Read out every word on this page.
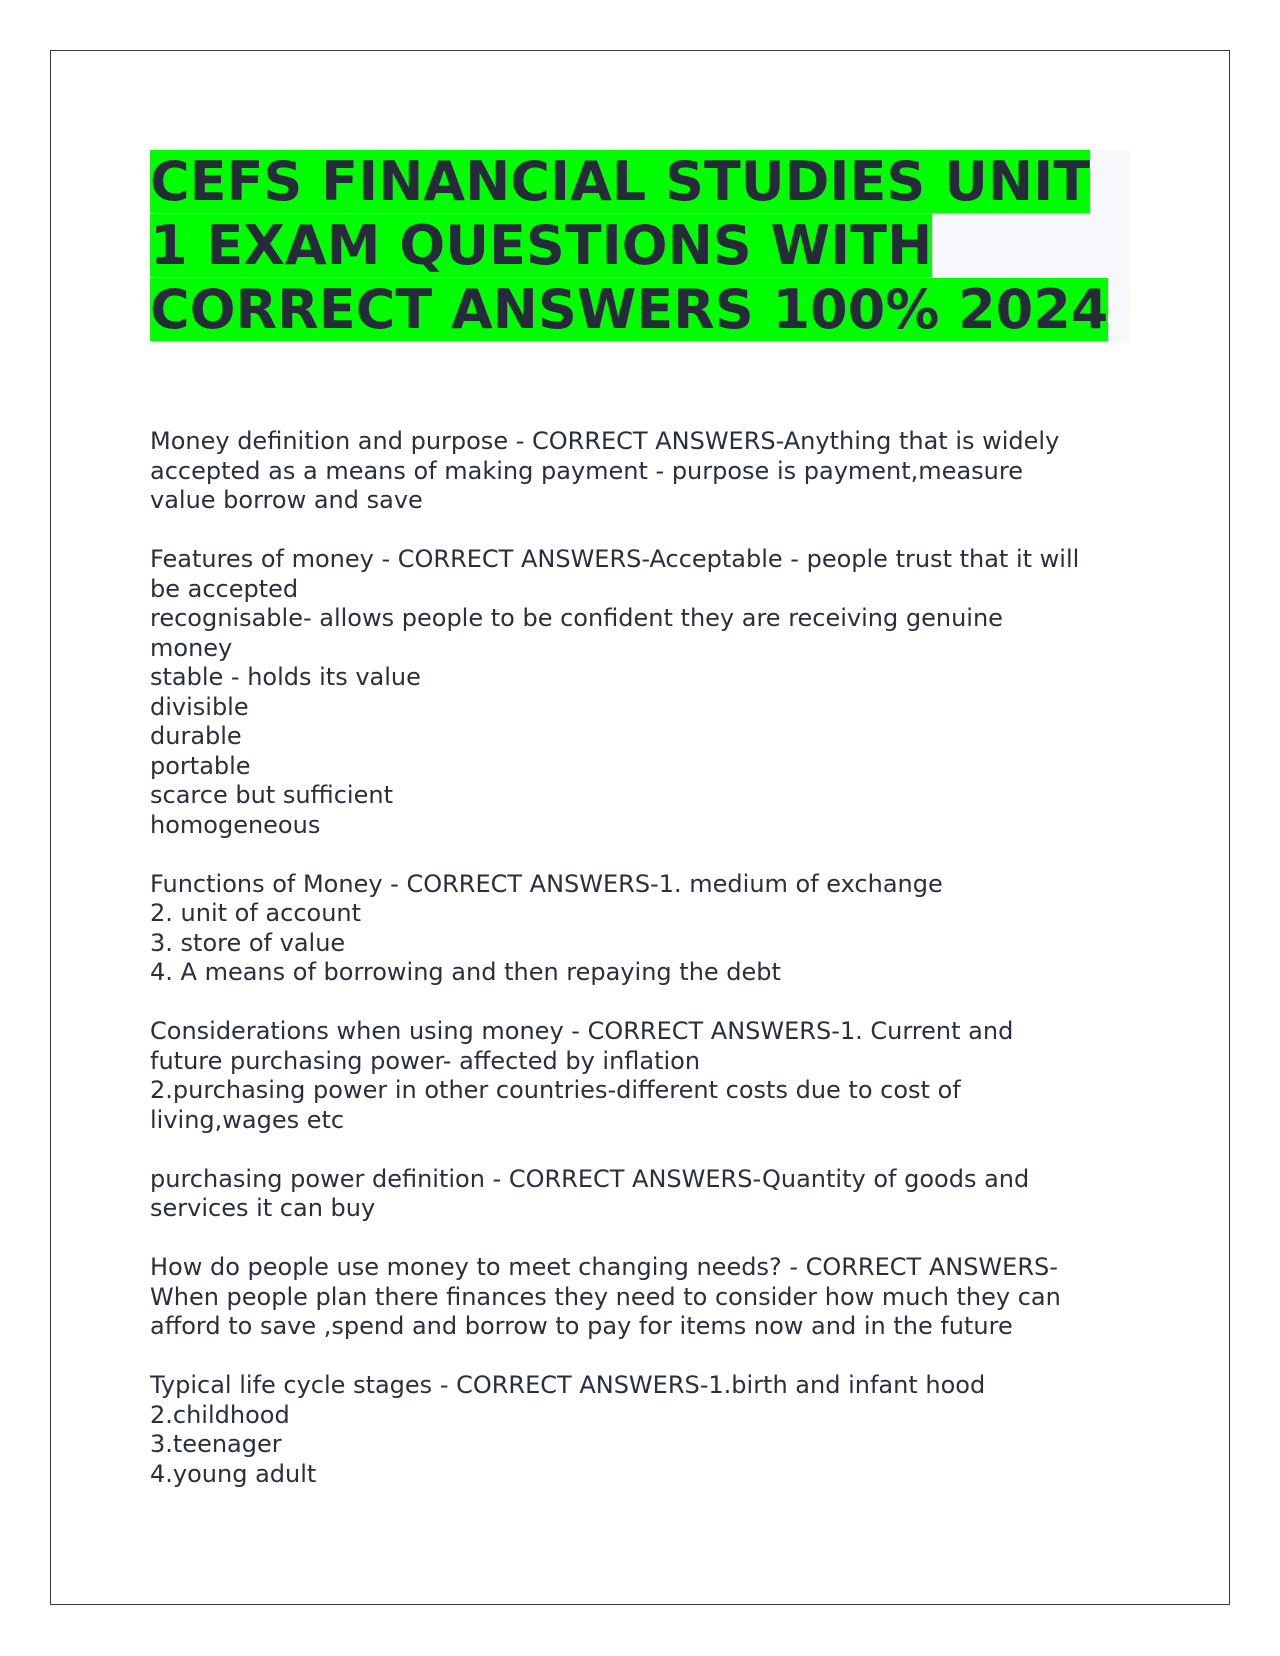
CEFS FINANCIAL STUDIES UNIT 1 EXAM QUESTIONS WITH CORRECT ANSWERS 100% 2024
Money definition and purpose - CORRECT ANSWERS-Anything that is widely
accepted as a means of making payment - purpose is payment,measure
value borrow and save
Features of money - CORRECT ANSWERS-Acceptable - people trust that it will
be accepted
recognisable- allows people to be confident they are receiving genuine
money
stable - holds its value
divisible
durable
portable
scarce but sufficient
homogeneous
Functions of Money - CORRECT ANSWERS-1. medium of exchange
2. unit of account
3. store of value
4. A means of borrowing and then repaying the debt
Considerations when using money - CORRECT ANSWERS-1. Current and
future purchasing power- affected by inflation
2.purchasing power in other countries-different costs due to cost of
living,wages etc
purchasing power definition - CORRECT ANSWERS-Quantity of goods and
services it can buy
How do people use money to meet changing needs? - CORRECT ANSWERS-
When people plan there finances they need to consider how much they can
afford to save ,spend and borrow to pay for items now and in the future
Typical life cycle stages - CORRECT ANSWERS-1.birth and infant hood
2.childhood
3.teenager
4.young adult
